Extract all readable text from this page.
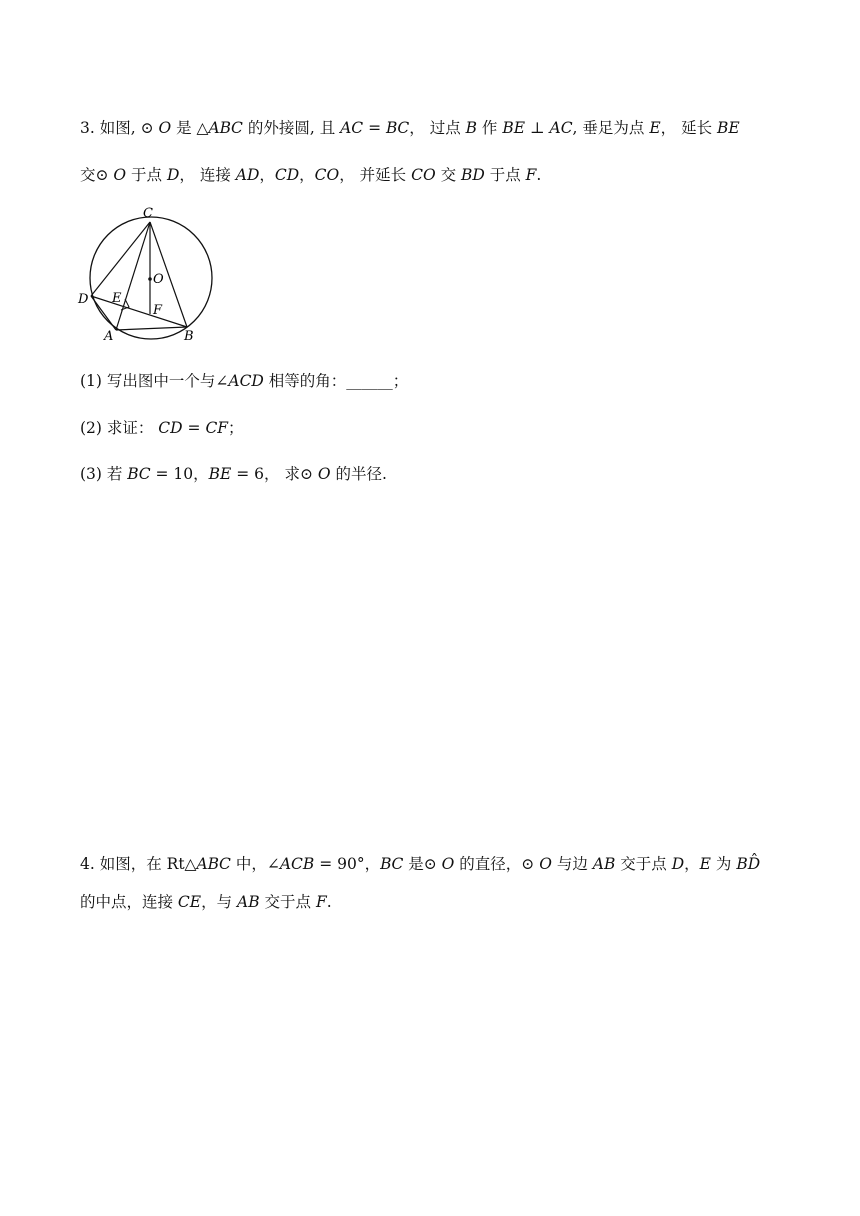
3. 如图, ⊙ 𝑂 是 △𝐴𝐵𝐶 的外接圆, 且 𝐴𝐶 = 𝐵𝐶， 过点 𝐵 作 𝐵𝐸 ⊥ 𝐴𝐶, 垂足为点 𝐸， 延长 𝐵𝐸
交⊙ 𝑂 于点 𝐷， 连接 𝐴𝐷，𝐶𝐷，𝐶𝑂， 并延长 𝐶𝑂 交 𝐵𝐷 于点 𝐹.
C
O
D E
F
A	B
(1) 写出图中一个与∠𝐴𝐶𝐷 相等的角：______；
(2) 求证： 𝐶𝐷 = 𝐶𝐹；
(3) 若 𝐵𝐶 = 10，𝐵𝐸 = 6， 求⊙ 𝑂 的半径.
4. 如图，在 Rt△𝐴𝐵𝐶 中，∠𝐴𝐶𝐵 = 90°，𝐵𝐶 是⊙ 𝑂 的直径，⊙ 𝑂 与边 𝐴𝐵 交于点 𝐷，𝐸 为 𝐵𝐷̂
的中点，连接 𝐶𝐸，与 𝐴𝐵 交于点 𝐹.
